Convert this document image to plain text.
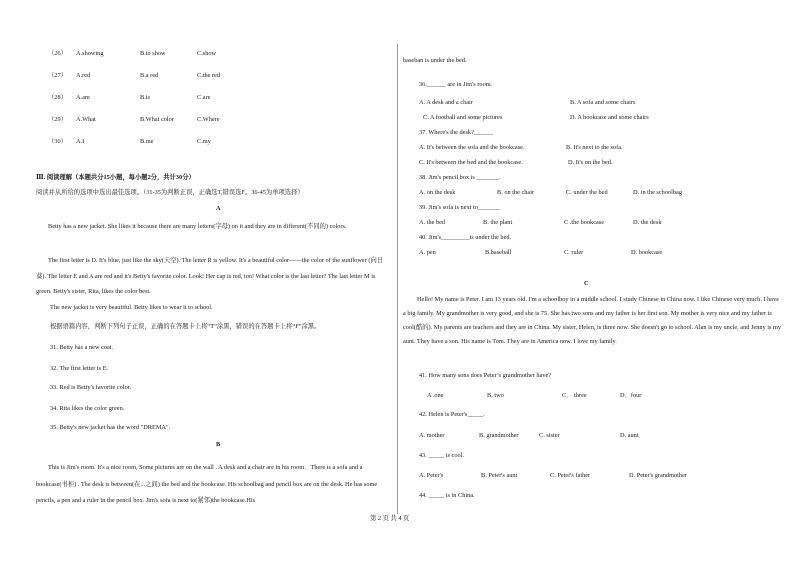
（26） A.showing	B.to show	C.show
（27） A.red	B.a red	C.the red
（28） A.am	B.is	C.are
（29） A.What	B.What color	C.Where
（30） A.I	B.me	C.my
Ⅲ. 阅读理解（本题共分15小题，每小题2分，共计30分）
阅读并从所给的选项中选出最佳选项。（31-35为判断正误，正确选T,错误选F。36-45为单项选择）
A
Betty has a new jacket. She likes it because there are many letters(字母) on it and they are in different(不同的) colors.
The first letter is D. It's blue, just like the sky(天空). The letter R is yellow. It's a beautiful color——the color of the sunflower (向日葵). The letter E and A are red and it's Betty's favorite color. Look! Her cap is red, too! What color is the last letter? The last letter M is green. Betty's sister, Rita, likes the color best.
The new jacket is very beautiful. Betty likes to wear it to school.
根据语篇内容，判断下列句子正误，正确的在答题卡上将“T”涂黑，错误的在答题卡上将“F”涂黑。
31. Betty has a new coat.
32. The first letter is E.
33. Red is Betty's favorite color.
34. Rita likes the color green.
35. Betty's new jacket has the word "DREMA".
B
This is Jim's room. It's a nice room, Some pictures are on the wall . A desk and a chair are in his room．There is a sofa and a bookcase(书柜) . The desk is between(在...之间) the bed and the bookcase. His schoolbag and pencil box are on the desk. He has some pencils, a pen and a ruler in the pencil box. Jim's sofa is next to(紧邻)the bookcase.His
baseban is under the bed.
36.______ are in Jim's room.
A. A desk and a chair	B. A sofa and some chairs
C. A football and some pictures	D. A bookcase and some chairs
37. Where's the desk?______
A. It's between the sofa and the bookcase.	B. It's next to the sofa.
C. It's between the bed and the bookcase.	D. It's on the bed.
38. Jim's pencil box is _______.
A. on the desk	B. on the chair	C. under the bed	D. in the schoolbag
39. Jim's sofa is next to_______
A. the bed	B. the plant	C .the bookcase	D. the desk
40. Jim's_________is under the bed.
A. pen	B.baseball	C. ruler	D. bookcase
C
Hello! My name is Peter. I am 13 years old. I'm a schoolboy in a middle school. I study Chinese in China now. I like Chinese very much. I have a big family. My grandmother is very good, and she is 75. She has two sons and my father is her first son. My mother is very nice and my father is cool(酷的). My parents are teachers and they are in China. My sister, Helen, is three now. She doesn't go to school. Alan is my uncle, and Jenny is my aunt. They have a son. His name is Tom. They are in America now. I love my family.
41. How many sons does Peter’s grandmother have?
A .one	B. two	C． three	D．four
42. Helen is Peter's_____.
A. mother	B. grandmother	C. sister	D. aunt
43. _____ is cool.
A. Peter's	B. Peter's aunt	C. Peter's father	D. Peter's grandmother
44. _____ is in China.
第 2 页 共 4 页
